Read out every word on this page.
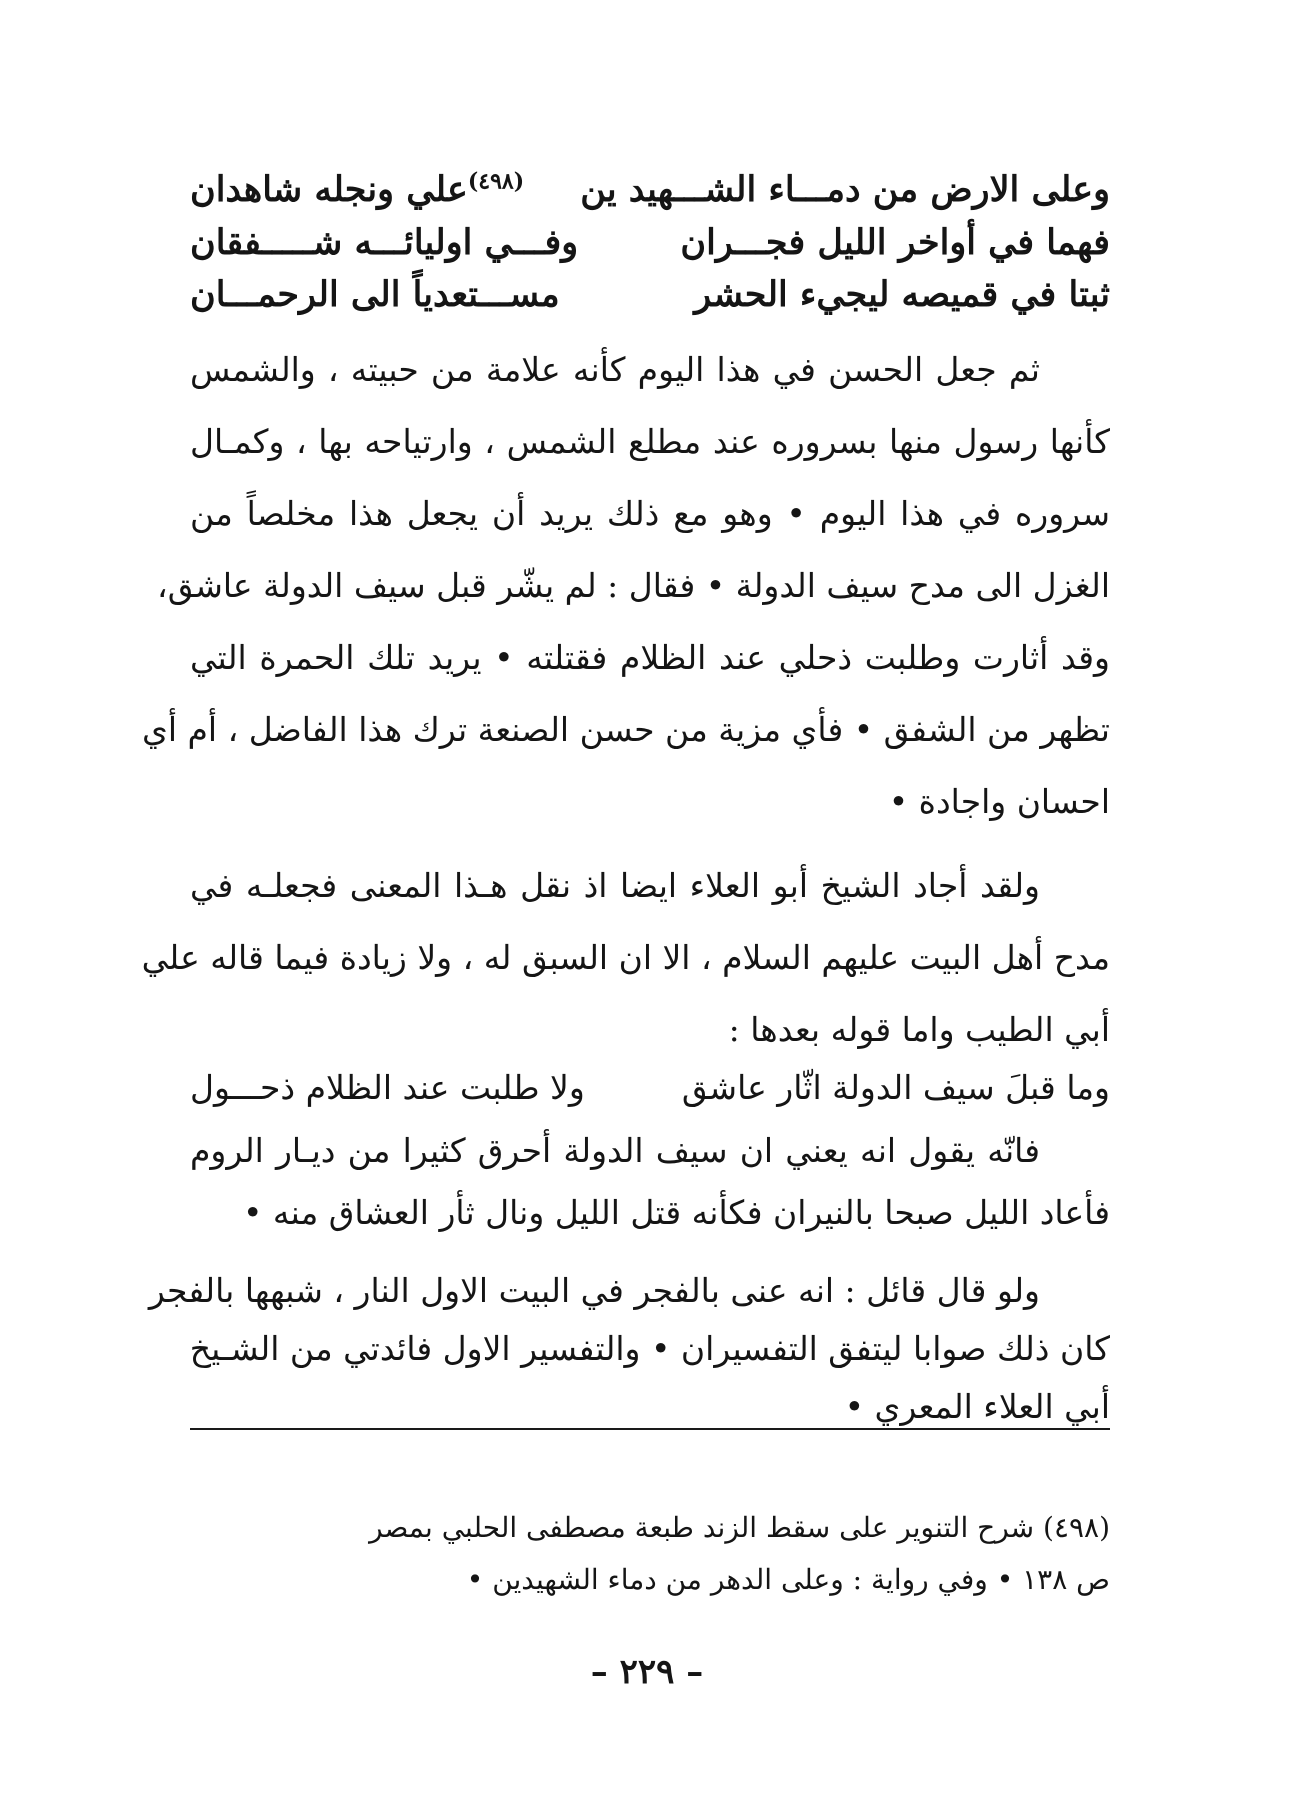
وعلى الارض من دمـــاء الشـــهيد ين
$^{(٤٩٨)}$علي ونجله شاهدان
فهما في أواخر الليل فجـــران
وفـــي اوليائـــه شـــــفقان
ثبتا في قميصه ليجيء الحشر
مســـتعدياً الى الرحمـــان
ثم جعل الحسن في هذا اليوم كأنه علامة من حبيته ، والشمس
كأنها رسول منها بسروره عند مطلع الشمس ، وارتياحه بها ، وكمـال
سروره في هذا اليوم • وهو مع ذلك يريد أن يجعل هذا مخلصاً من
الغزل الى مدح سيف الدولة • فقال : لم يشّر قبل سيف الدولة عاشق،
وقد أثارت وطلبت ذحلي عند الظلام فقتلته • يريد تلك الحمرة التي
تظهر من الشفق • فأي مزية من حسن الصنعة ترك هذا الفاضل ، أم أي
احسان واجادة •
ولقد أجاد الشيخ أبو العلاء ايضا اذ نقل هـذا المعنى فجعلـه في
مدح أهل البيت عليهم السلام ، الا ان السبق له ، ولا زيادة فيما قاله علي
أبي الطيب واما قوله بعدها :
وما قبلَ سيف الدولة اثّار عاشق
ولا طلبت عند الظلام ذحـــول
فانّه يقول انه يعني ان سيف الدولة أحرق كثيرا من ديـار الروم
فأعاد الليل صبحا بالنيران فكأنه قتل الليل ونال ثأر العشاق منه •
ولو قال قائل : انه عنى بالفجر في البيت الاول النار ، شبهها بالفجر
كان ذلك صوابا ليتفق التفسيران • والتفسير الاول فائدتي من الشـيخ
أبي العلاء المعري •
(٤٩٨) شرح التنوير على سقط الزند طبعة مصطفى الحلبي بمصر
ص ١٣٨ • وفي رواية : وعلى الدهر من دماء الشهيدين •
– ٢٢٩ –
